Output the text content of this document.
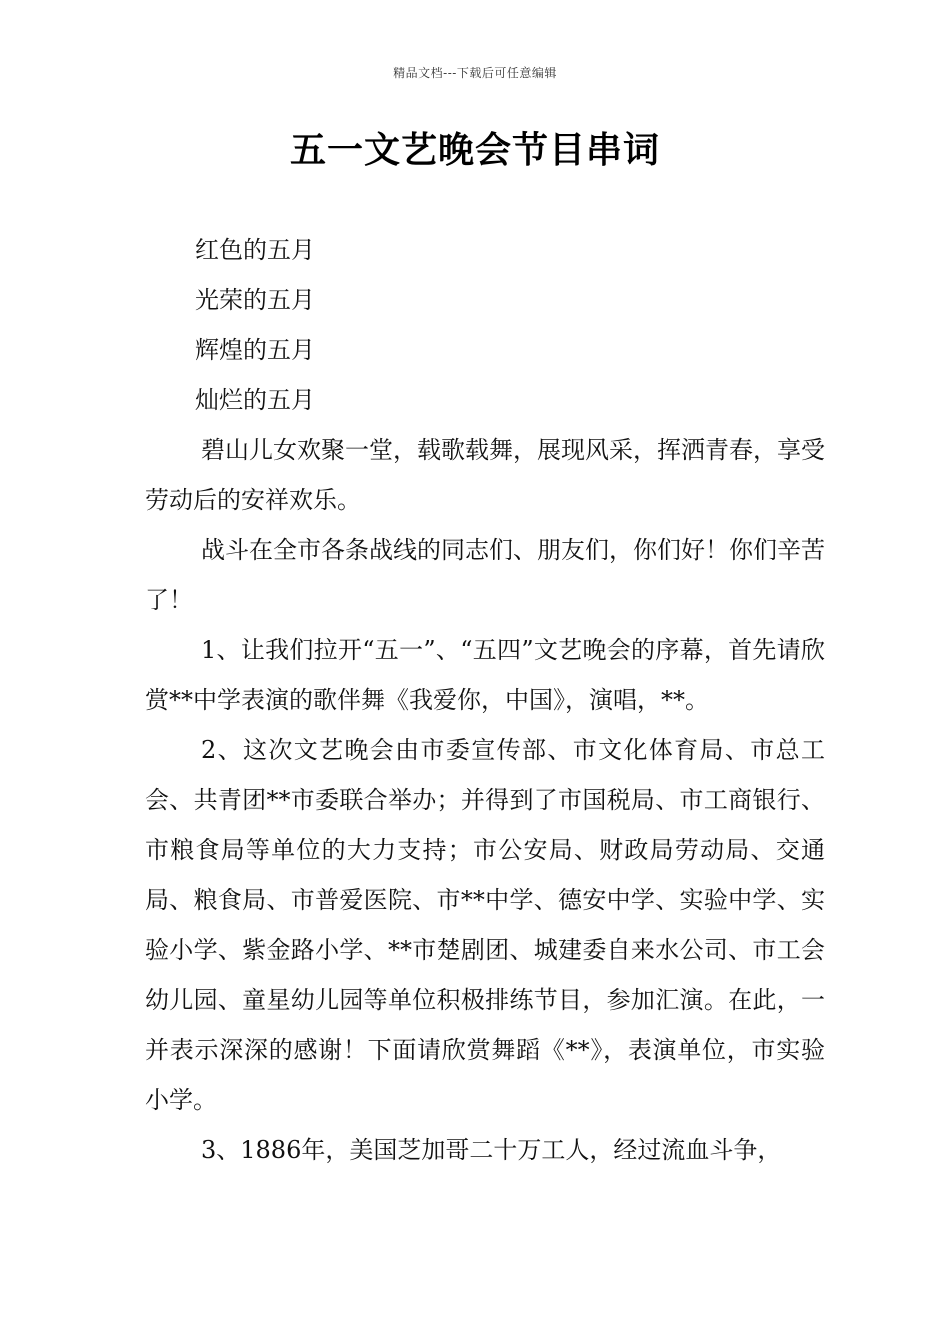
精品文档---下载后可任意编辑
五一文艺晚会节目串词

红色的五月

光荣的五月

辉煌的五月

灿烂的五月

碧山儿女欢聚一堂，载歌载舞，展现风采，挥洒青春，享受劳动后的安祥欢乐。

战斗在全市各条战线的同志们、朋友们，你们好！你们辛苦了！

1、让我们拉开“五一”、“五四”文艺晚会的序幕，首先请欣赏**中学表演的歌伴舞《我爱你，中国》，演唱，**。

2、这次文艺晚会由市委宣传部、市文化体育局、市总工会、共青团**市委联合举办；并得到了市国税局、市工商银行、市粮食局等单位的大力支持；市公安局、财政局劳动局、交通局、粮食局、市普爱医院、市**中学、德安中学、实验中学、实验小学、紫金路小学、**市楚剧团、城建委自来水公司、市工会幼儿园、童星幼儿园等单位积极排练节目，参加汇演。在此，一并表示深深的感谢！下面请欣赏舞蹈《**》，表演单位，市实验小学。

3、1886年，美国芝加哥二十万工人，经过流血斗争，
